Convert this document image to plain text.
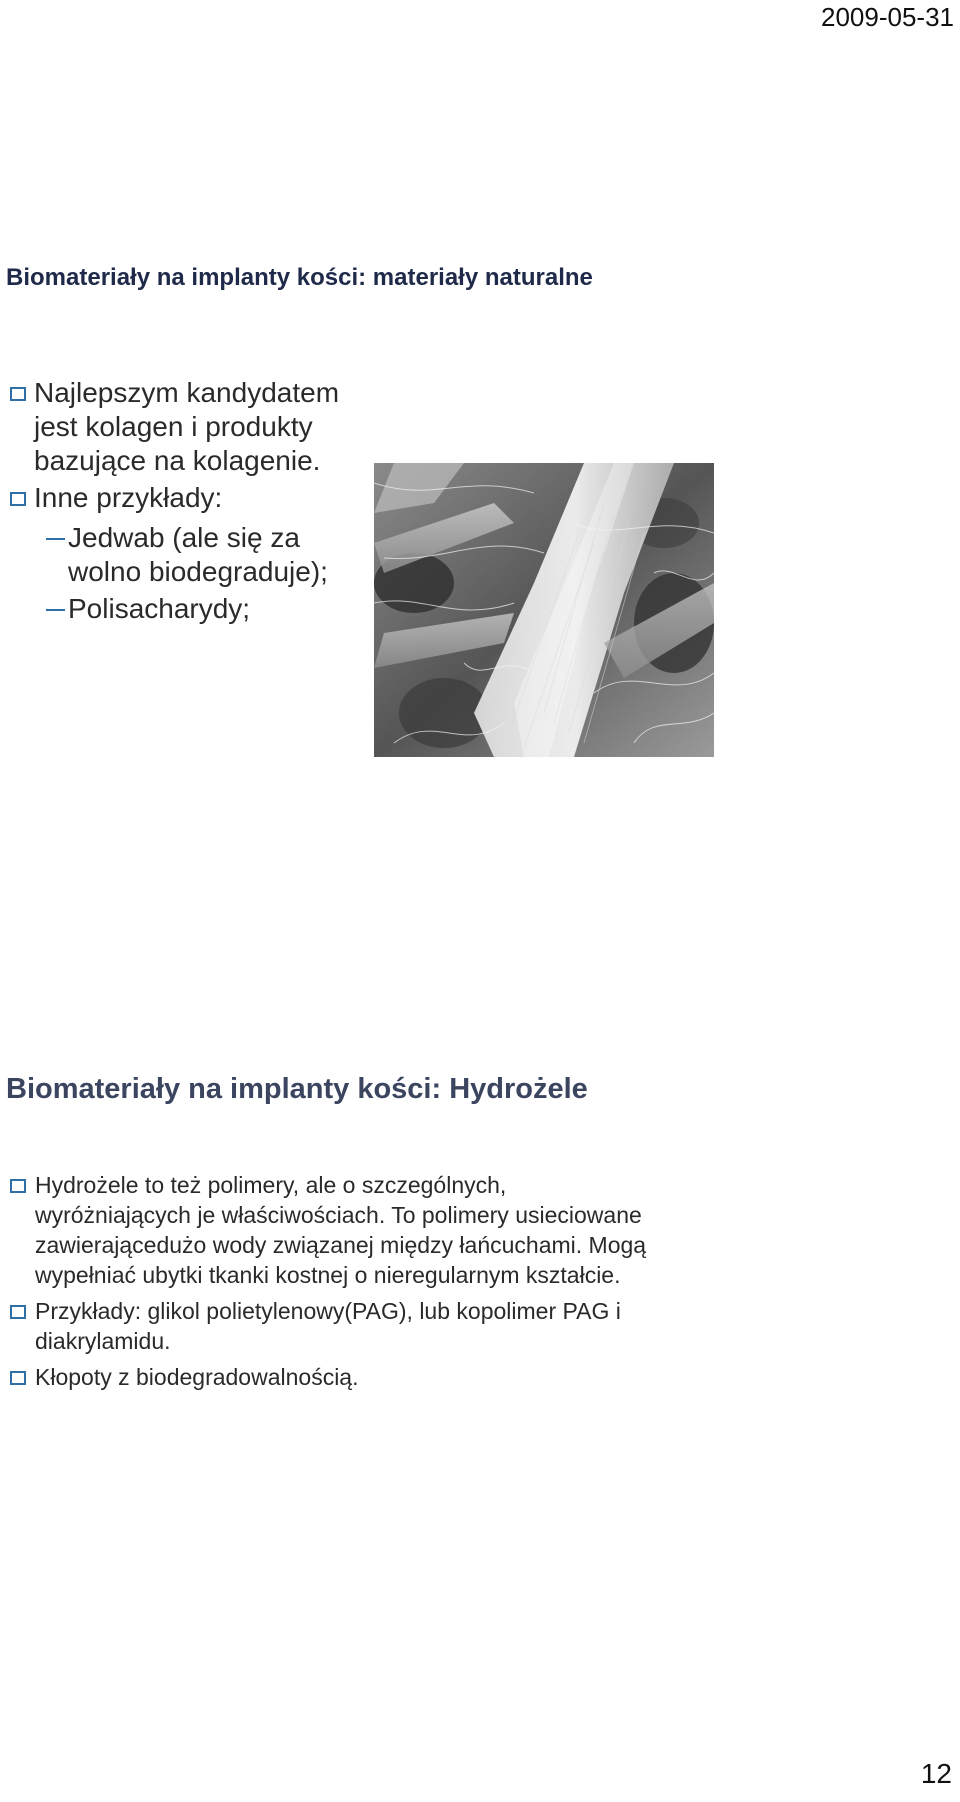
2009-05-31
Biomateriały na implanty kości: materiały naturalne
Najlepszym kandydatem jest kolagen i produkty bazujące na kolagenie.
Inne przykłady:
Jedwab (ale się za wolno biodegraduje);
Polisacharydy;
Biomateriały na implanty kości: Hydrożele
Hydrożele to też polimery, ale o szczególnych, wyróżniających je właściwościach. To polimery usieciowane zawierającedużo wody związanej między łańcuchami. Mogą wypełniać ubytki tkanki kostnej o nieregularnym kształcie.
Przykłady: glikol polietylenowy(PAG), lub kopolimer PAG i diakrylamidu.
Kłopoty z biodegradowalnością.
12
